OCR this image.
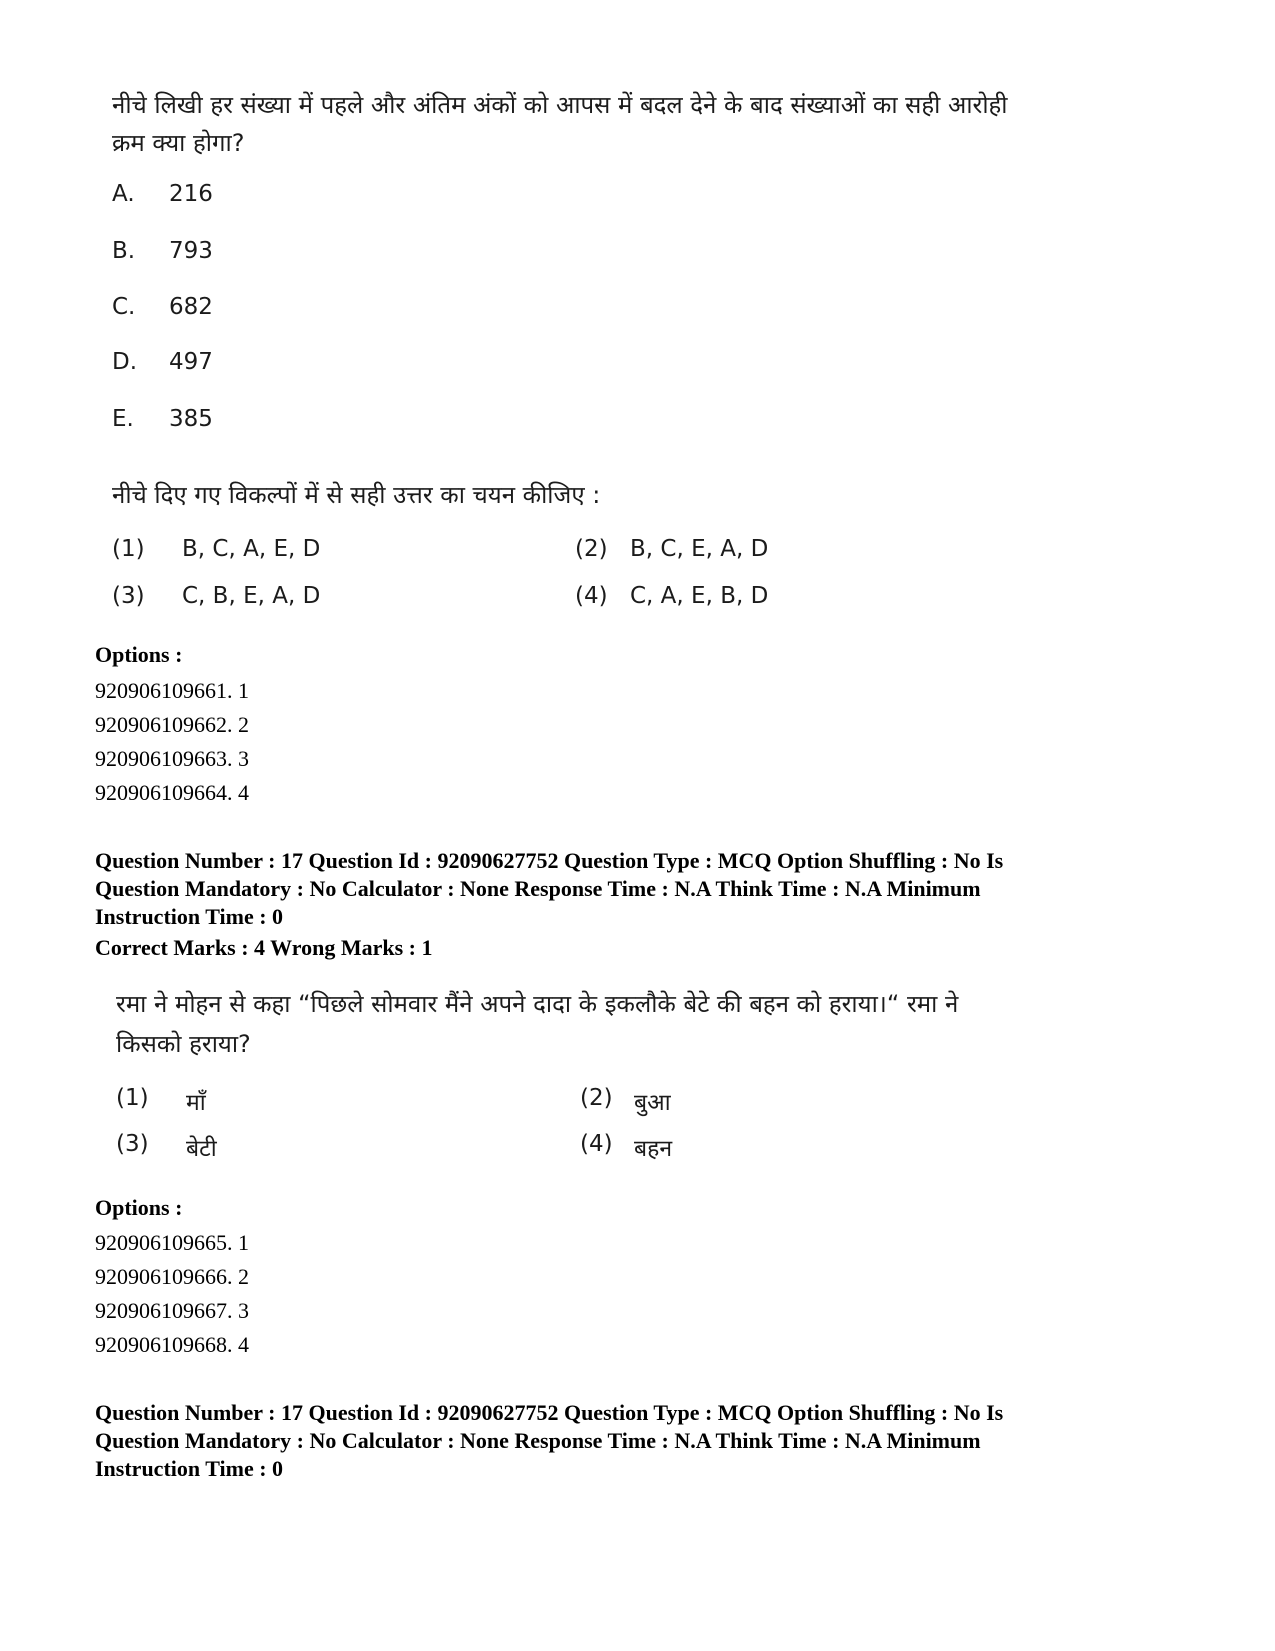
नीचे लिखी हर संख्या में पहले और अंतिम अंकों को आपस में बदल देने के बाद संख्याओं का सही आरोही

क्रम क्या होगा?

A. 216
B. 793
C. 682
D. 497
E. 385

नीचे दिए गए विकल्पों में से सही उत्तर का चयन कीजिए :

(1) B, C, A, E, D	(2) B, C, E, A, D
(3) C, B, E, A, D	(4) C, A, E, B, D
Options :
920906109661. 1
920906109662. 2
920906109663. 3
920906109664. 4
Question Number : 17 Question Id : 92090627752 Question Type : MCQ Option Shuffling : No Is
Question Mandatory : No Calculator : None Response Time : N.A Think Time : N.A Minimum
Instruction Time : 0
Correct Marks : 4 Wrong Marks : 1

रमा ने मोहन से कहा “पिछले सोमवार मैंने अपने दादा के इकलौके बेटे की बहन को हराया।“ रमा ने

किसको हराया?

(1) माँ	(2) बुआ
(3) बेटी	(4) बहन
Options :
920906109665. 1
920906109666. 2
920906109667. 3
920906109668. 4
Question Number : 17 Question Id : 92090627752 Question Type : MCQ Option Shuffling : No Is
Question Mandatory : No Calculator : None Response Time : N.A Think Time : N.A Minimum
Instruction Time : 0
